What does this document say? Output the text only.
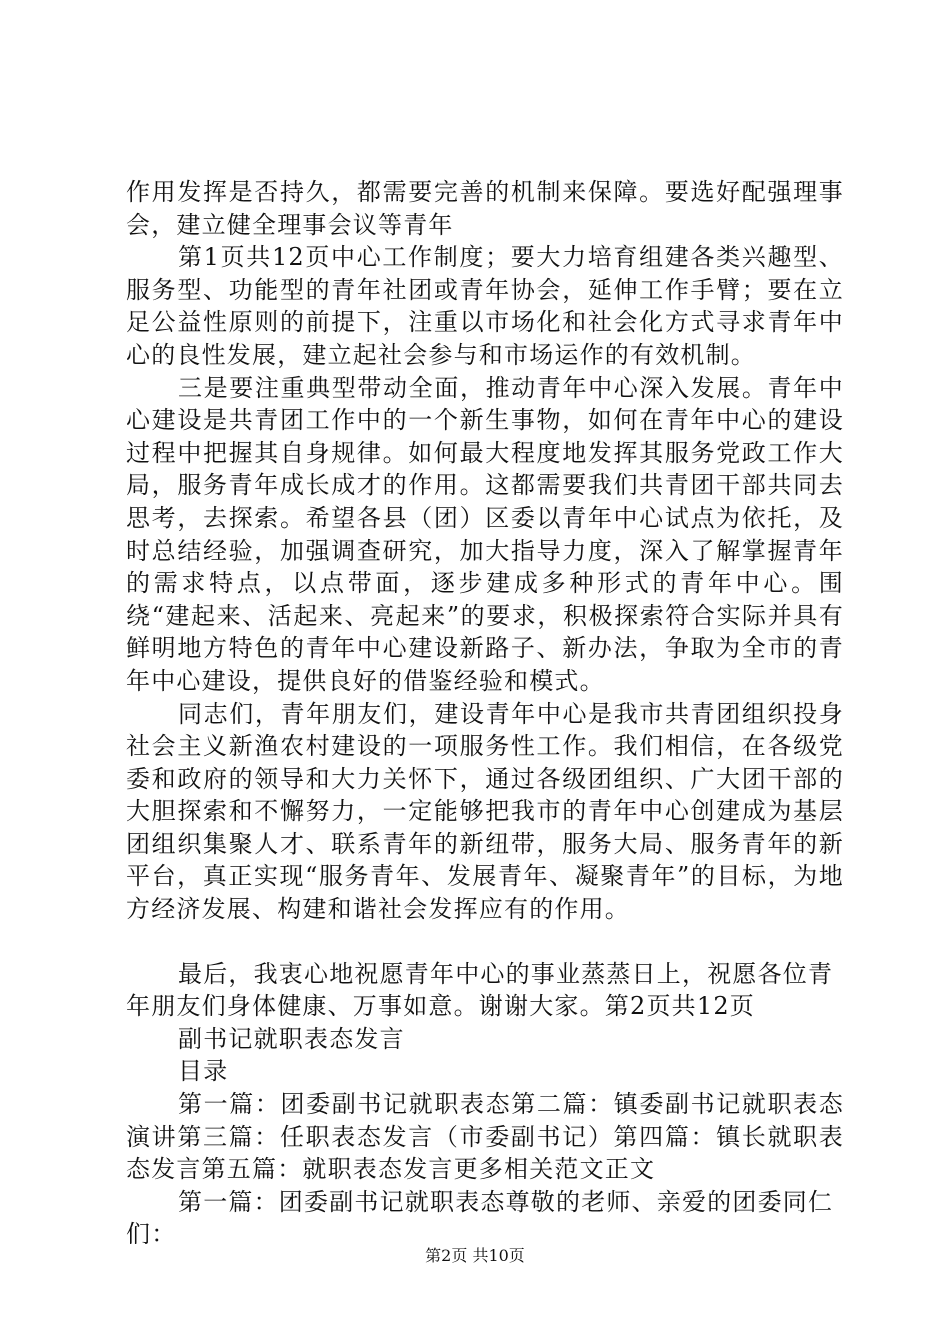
作用发挥是否持久，都需要完善的机制来保障。要选好配强理事会，建立健全理事会议等青年

第1页共12页中心工作制度；要大力培育组建各类兴趣型、服务型、功能型的青年社团或青年协会，延伸工作手臂；要在立足公益性原则的前提下，注重以市场化和社会化方式寻求青年中心的良性发展，建立起社会参与和市场运作的有效机制。

三是要注重典型带动全面，推动青年中心深入发展。青年中心建设是共青团工作中的一个新生事物，如何在青年中心的建设过程中把握其自身规律。如何最大程度地发挥其服务党政工作大局，服务青年成长成才的作用。这都需要我们共青团干部共同去思考，去探索。希望各县（团）区委以青年中心试点为依托，及时总结经验，加强调查研究，加大指导力度，深入了解掌握青年的需求特点，以点带面，逐步建成多种形式的青年中心。围绕“建起来、活起来、亮起来”的要求，积极探索符合实际并具有鲜明地方特色的青年中心建设新路子、新办法，争取为全市的青年中心建设，提供良好的借鉴经验和模式。

同志们，青年朋友们，建设青年中心是我市共青团组织投身社会主义新渔农村建设的一项服务性工作。我们相信，在各级党委和政府的领导和大力关怀下，通过各级团组织、广大团干部的大胆探索和不懈努力，一定能够把我市的青年中心创建成为基层团组织集聚人才、联系青年的新纽带，服务大局、服务青年的新平台，真正实现“服务青年、发展青年、凝聚青年”的目标，为地方经济发展、构建和谐社会发挥应有的作用。

最后，我衷心地祝愿青年中心的事业蒸蒸日上，祝愿各位青年朋友们身体健康、万事如意。谢谢大家。第2页共12页

副书记就职表态发言

目录

第一篇：团委副书记就职表态第二篇：镇委副书记就职表态演讲第三篇：任职表态发言（市委副书记）第四篇：镇长就职表态发言第五篇：就职表态发言更多相关范文正文

第一篇：团委副书记就职表态尊敬的老师、亲爱的团委同仁们：

第2页 共10页
